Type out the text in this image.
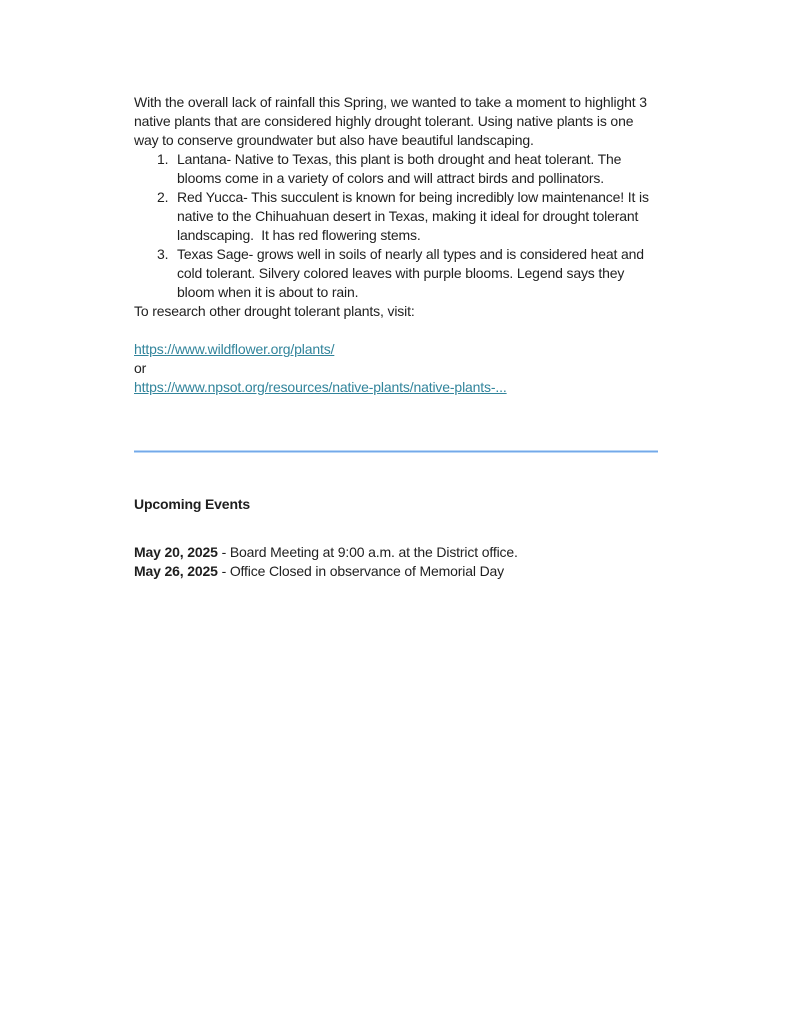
With the overall lack of rainfall this Spring, we wanted to take a moment to highlight 3 native plants that are considered highly drought tolerant. Using native plants is one way to conserve groundwater but also have beautiful landscaping.

1. Lantana- Native to Texas, this plant is both drought and heat tolerant. The blooms come in a variety of colors and will attract birds and pollinators.
2. Red Yucca- This succulent is known for being incredibly low maintenance! It is native to the Chihuahuan desert in Texas, making it ideal for drought tolerant landscaping.  It has red flowering stems.
3. Texas Sage- grows well in soils of nearly all types and is considered heat and cold tolerant. Silvery colored leaves with purple blooms. Legend says they bloom when it is about to rain.

To research other drought tolerant plants, visit:

https://www.wildflower.org/plants/
or
https://www.npsot.org/resources/native-plants/native-plants-...

Upcoming Events

May 20, 2025 - Board Meeting at 9:00 a.m. at the District office.
May 26, 2025 - Office Closed in observance of Memorial Day
